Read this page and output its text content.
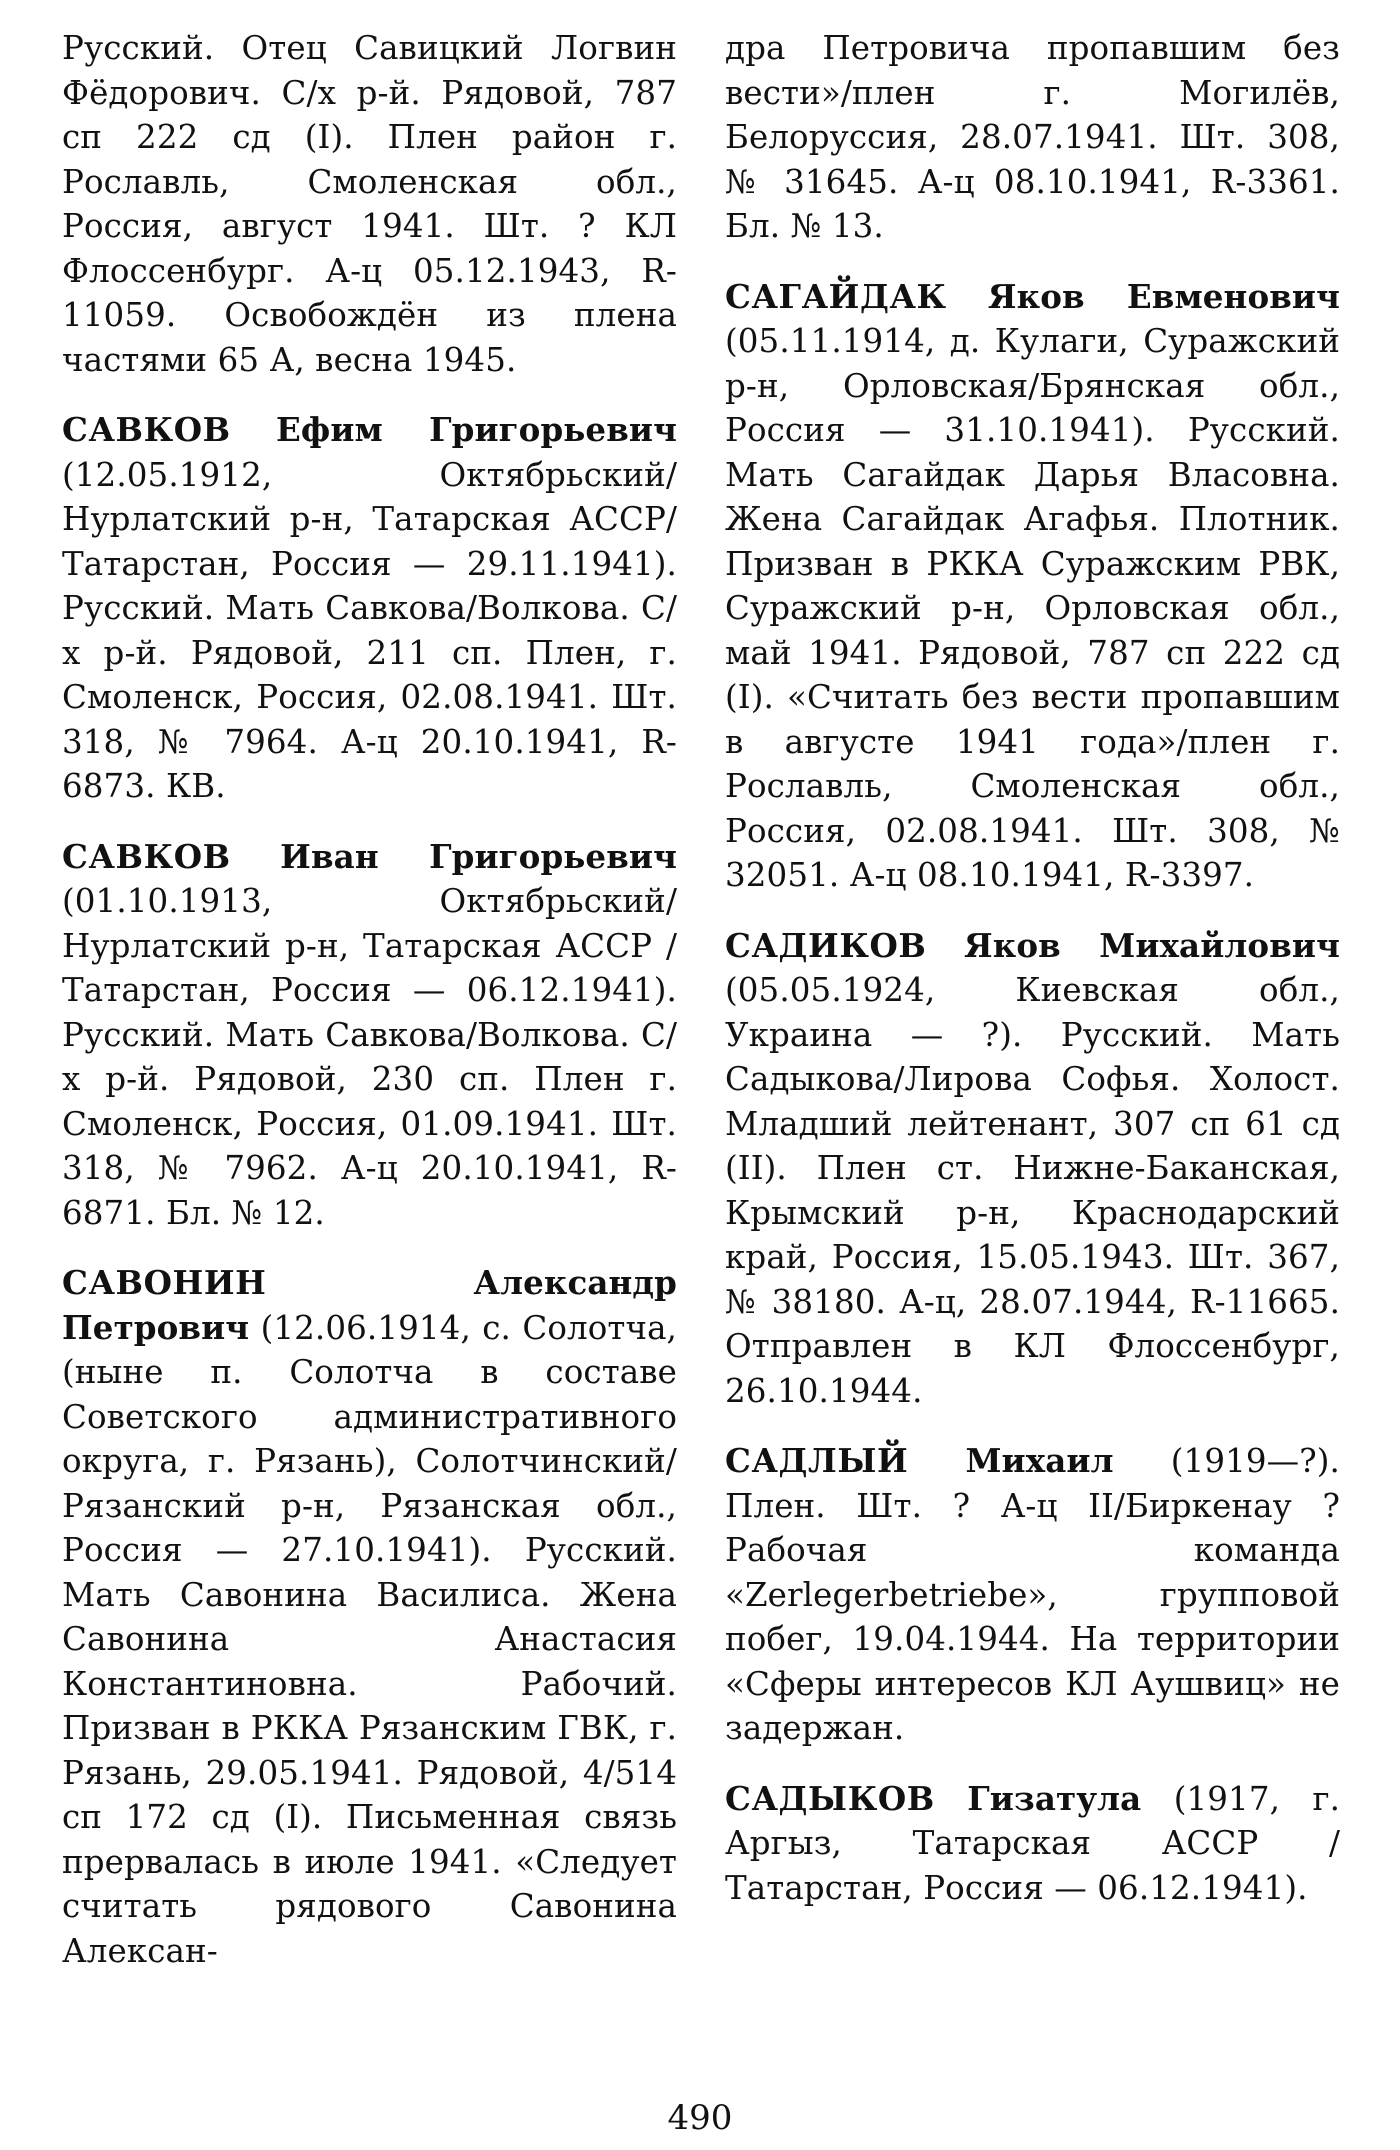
Русский. Отец Савицкий Логвин Фёдорович. С/х р-й. Рядовой, 787 сп 222 сд (I). Плен район г. Рославль, Смоленская обл., Россия, август 1941. Шт. ? КЛ Флоссенбург. А-ц 05.12.1943, R-11059. Освобождён из плена частями 65 А, весна 1945.

САВКОВ Ефим Григорьевич (12.05.1912, Октябрьский/Нурлатский р-н, Татарская АССР/ Татарстан, Россия — 29.11.1941). Русский. Мать Савкова/Волкова. С/х р-й. Рядовой, 211 сп. Плен, г. Смоленск, Россия, 02.08.1941. Шт. 318, № 7964. А-ц 20.10.1941, R-6873. КВ.

САВКОВ Иван Григорьевич (01.10.1913, Октябрьский/Нурлатский р-н, Татарская АССР / Татарстан, Россия — 06.12.1941). Русский. Мать Савкова/Волкова. С/х р-й. Рядовой, 230 сп. Плен г. Смоленск, Россия, 01.09.1941. Шт. 318, № 7962. А-ц 20.10.1941, R-6871. Бл. № 12.

САВОНИН	Александр Петрович (12.06.1914, с. Солотча, (ныне п. Солотча в составе Советского административного округа, г. Рязань), Солотчинский/Рязанский р-н, Рязанская обл., Россия — 27.10.1941). Русский. Мать Савонина Василиса. Жена Савонина Анастасия Константиновна. Рабочий. Призван в РККА Рязанским ГВК, г. Рязань, 29.05.1941. Рядовой, 4/514 сп 172 сд (I). Письменная связь прервалась в июле 1941. «Следует считать рядового Савонина Алексан-

дра Петровича пропавшим без вести»/плен г. Могилёв, Белоруссия, 28.07.1941. Шт. 308, № 31645. А-ц 08.10.1941, R-3361. Бл. № 13.

САГАЙДАК Яков Евменович (05.11.1914, д. Кулаги, Суражский р-н, Орловская/Брянская обл., Россия — 31.10.1941). Русский. Мать Сагайдак Дарья Власовна. Жена Сагайдак Агафья. Плотник. Призван в РККА Суражским РВК, Суражский р-н, Орловская обл., май 1941. Рядовой, 787 сп 222 сд (I). «Считать без вести пропавшим в августе 1941 года»/плен г. Рославль, Смоленская обл., Россия, 02.08.1941. Шт. 308, № 32051. А-ц 08.10.1941, R-3397.

САДИКОВ Яков Михайлович (05.05.1924, Киевская обл., Украина — ?). Русский. Мать Садыкова/Лирова Софья. Холост. Младший лейтенант, 307 сп 61 сд (II). Плен ст. Нижне-Баканская, Крымский р-н, Краснодарский край, Россия, 15.05.1943. Шт. 367, № 38180. А-ц, 28.07.1944, R-11665. Отправлен в КЛ Флоссенбург, 26.10.1944.

САДЛЫЙ Михаил (1919—?). Плен. Шт. ? А-ц II/Биркенау ? Рабочая команда «Zerlegerbetriebe», групповой побег, 19.04.1944. На территории «Сферы интересов КЛ Аушвиц» не задержан.

САДЫКОВ Гизатула (1917, г. Аргыз, Татарская АССР / Татарстан, Россия — 06.12.1941).

490
